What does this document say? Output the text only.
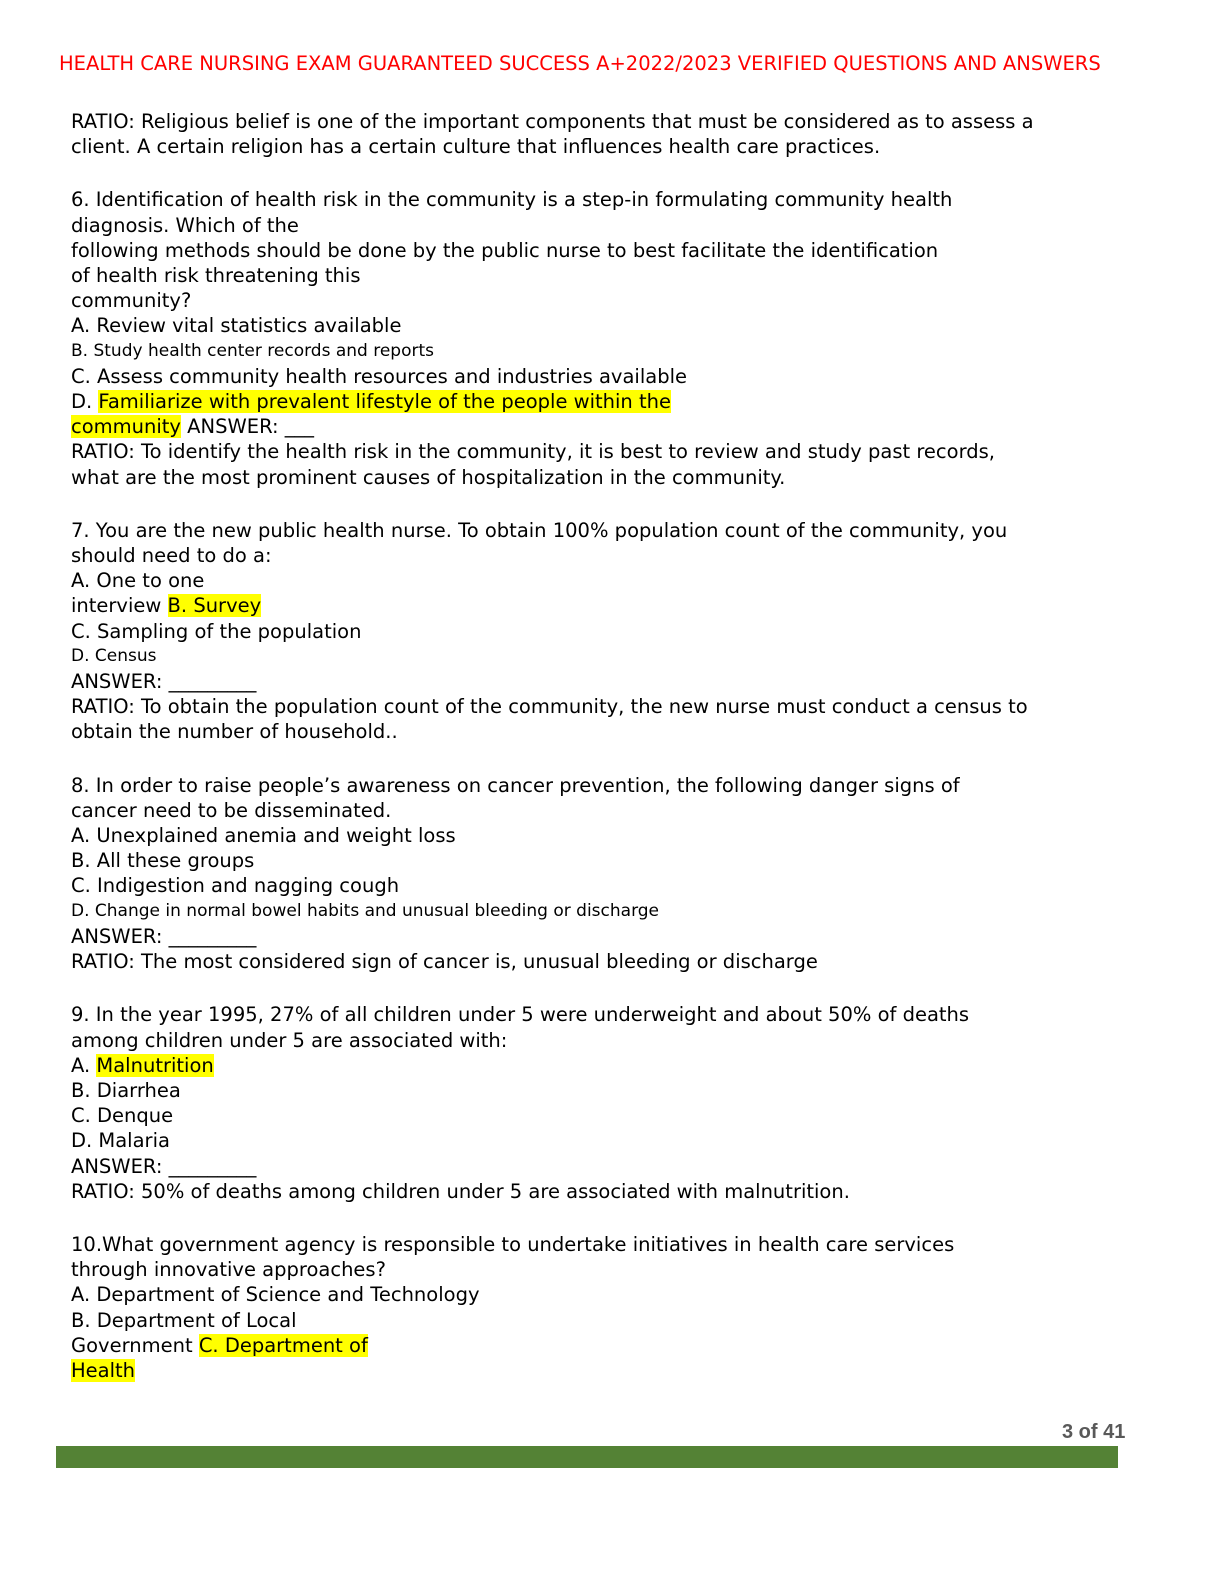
HEALTH CARE NURSING EXAM GUARANTEED SUCCESS A+2022/2023 VERIFIED QUESTIONS AND ANSWERS
RATIO: Religious belief is one of the important components that must be considered as to assess a
client. A certain religion has a certain culture that influences health care practices.
6. Identification of health risk in the community is a step-in formulating community health
diagnosis. Which of the
following methods should be done by the public nurse to best facilitate the identification
of health risk threatening this
community?
A. Review vital statistics available
B. Study health center records and reports
C. Assess community health resources and industries available
D. Familiarize with prevalent lifestyle of the people within the
community ANSWER: ___
RATIO: To identify the health risk in the community, it is best to review and study past records,
what are the most prominent causes of hospitalization in the community.
7. You are the new public health nurse. To obtain 100% population count of the community, you
should need to do a:
A. One to one
interview B. Survey
C. Sampling of the population
D. Census
ANSWER: _________
RATIO: To obtain the population count of the community, the new nurse must conduct a census to
obtain the number of household..
8. In order to raise people’s awareness on cancer prevention, the following danger signs of
cancer need to be disseminated.
A. Unexplained anemia and weight loss
B. All these groups
C. Indigestion and nagging cough
D. Change in normal bowel habits and unusual bleeding or discharge
ANSWER: _________
RATIO: The most considered sign of cancer is, unusual bleeding or discharge
9. In the year 1995, 27% of all children under 5 were underweight and about 50% of deaths
among children under 5 are associated with:
A. Malnutrition
B. Diarrhea
C. Denque
D. Malaria
ANSWER: _________
RATIO: 50% of deaths among children under 5 are associated with malnutrition.
10.What government agency is responsible to undertake initiatives in health care services
through innovative approaches?
A. Department of Science and Technology
B. Department of Local
Government C. Department of
Health
3 of 41
